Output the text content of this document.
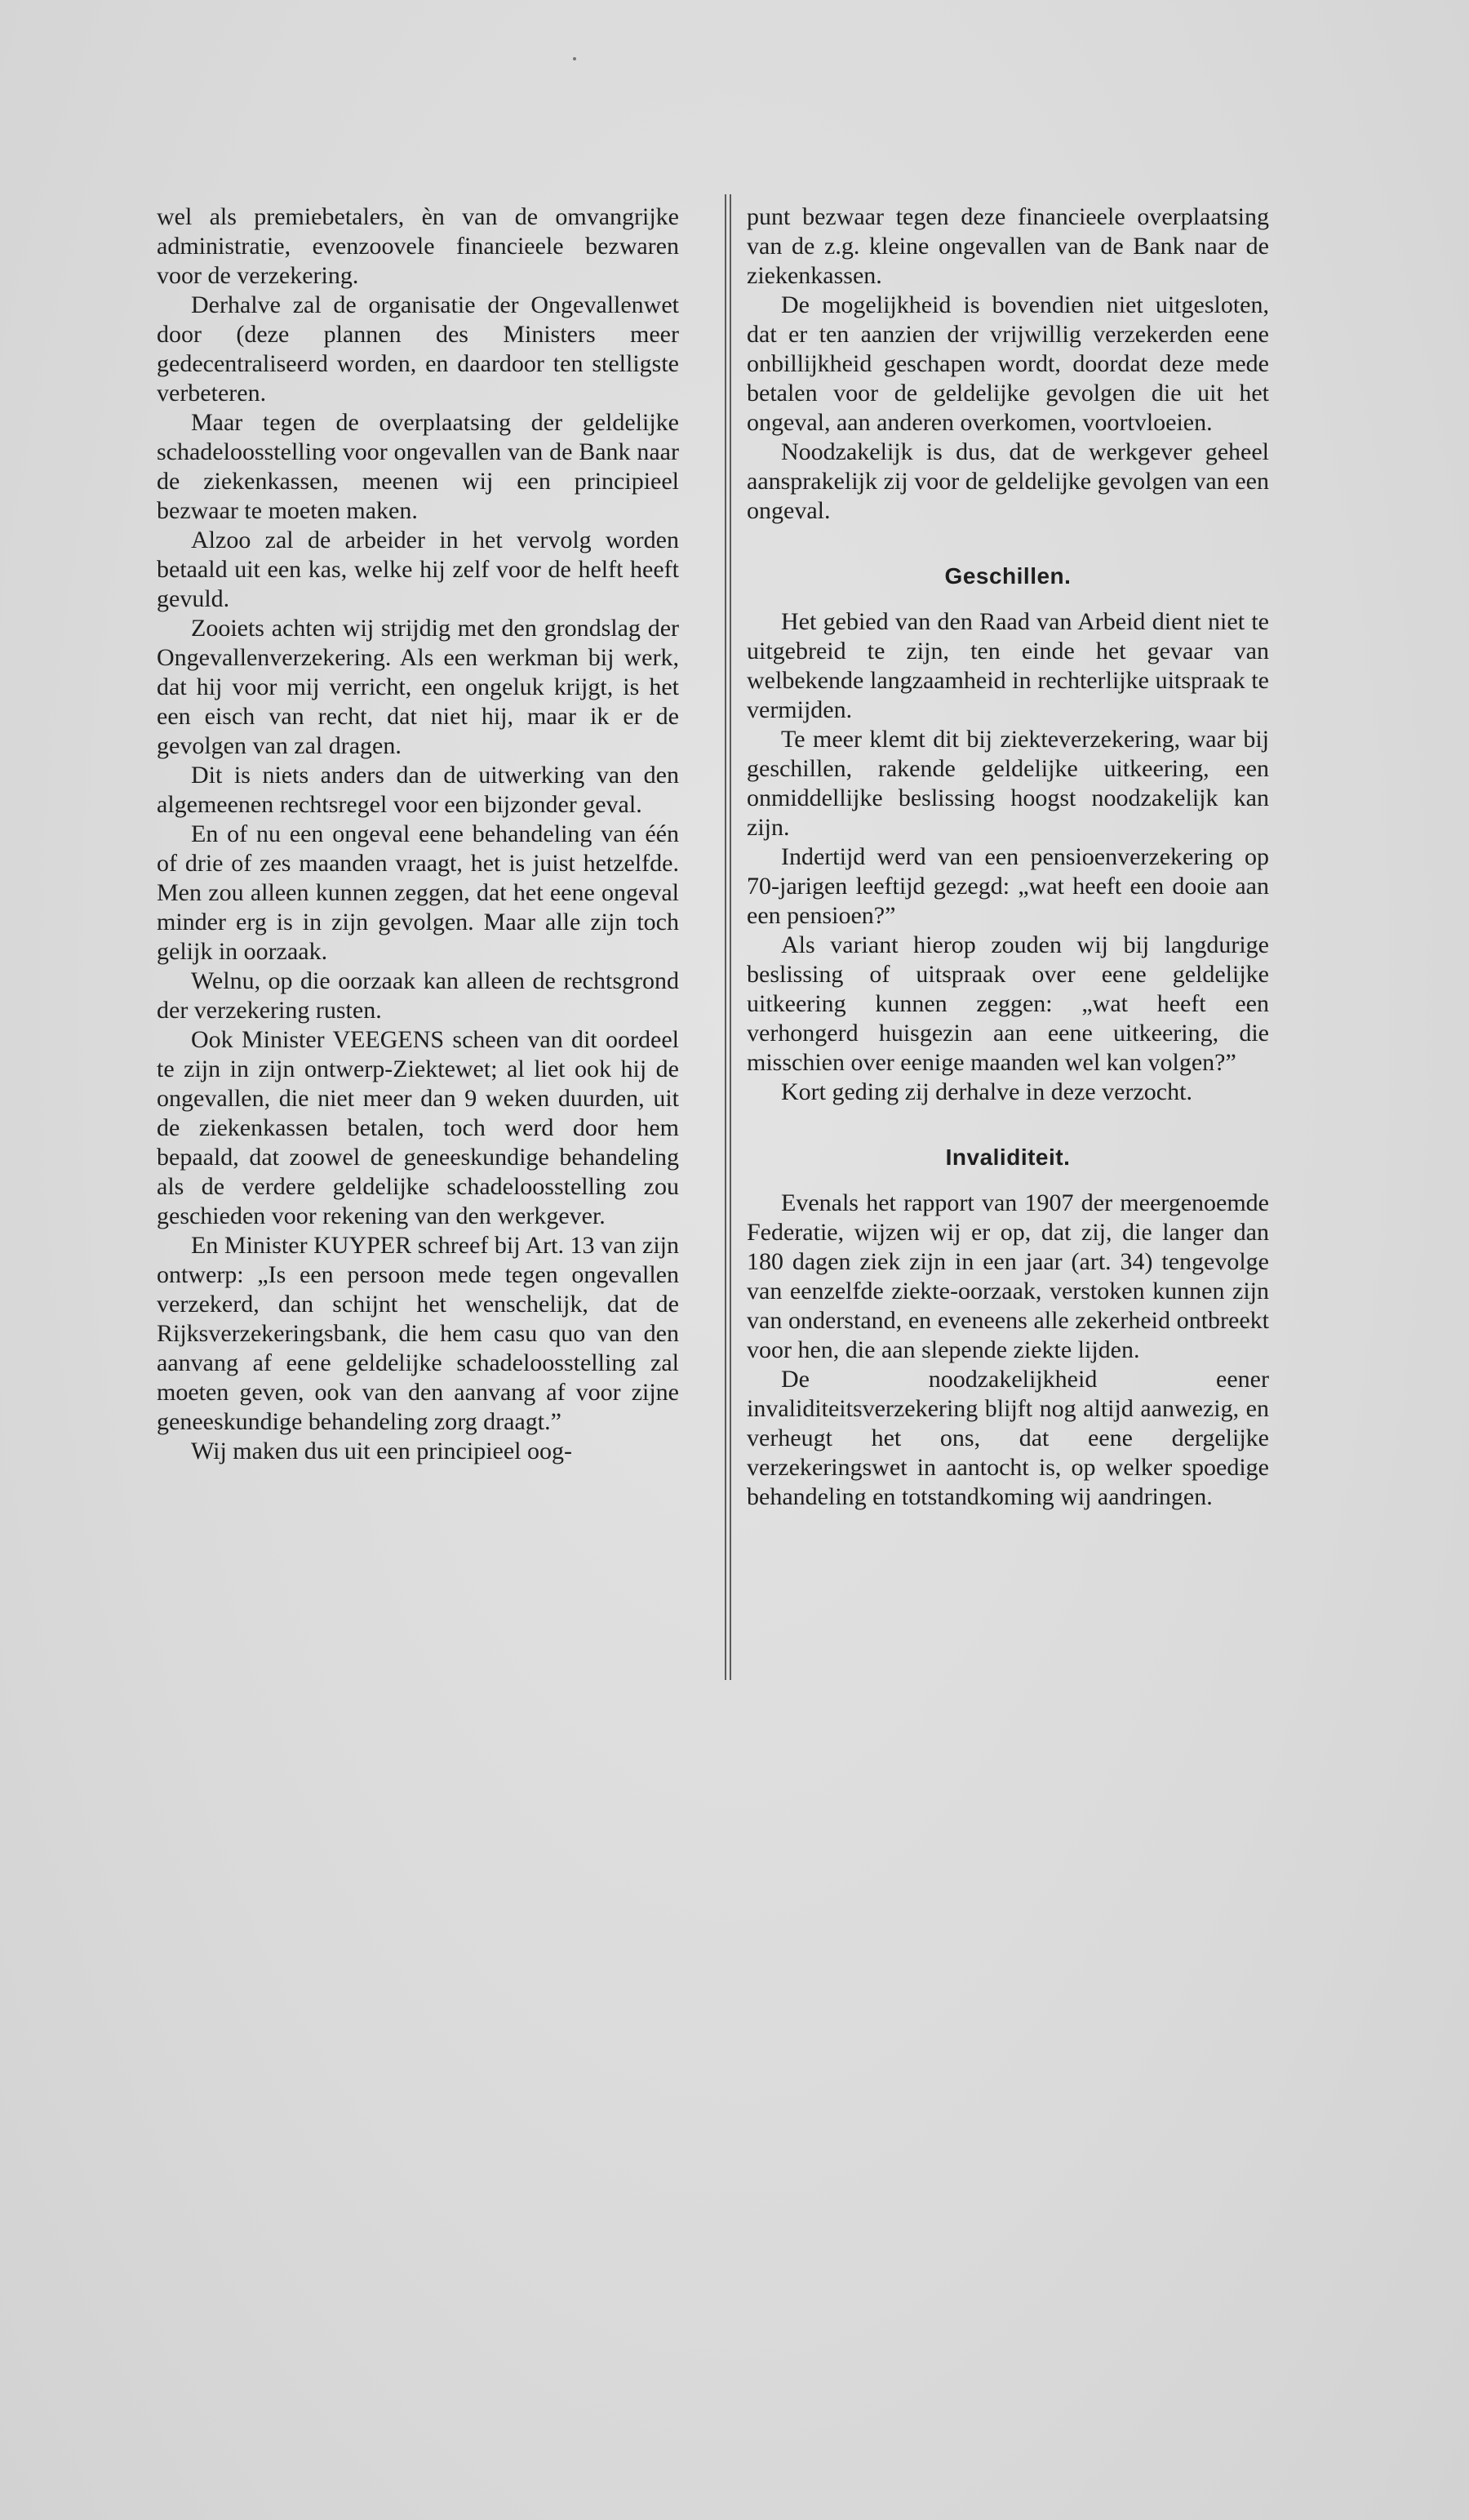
wel als premiebetalers, èn van de omvangrijke administratie, evenzoovele financieele bezwaren voor de verzekering.

Derhalve zal de organisatie der Ongevallenwet door (deze plannen des Ministers meer gedecentraliseerd worden, en daardoor ten stelligste verbeteren.

Maar tegen de overplaatsing der geldelijke schadeloosstelling voor ongevallen van de Bank naar de ziekenkassen, meenen wij een principieel bezwaar te moeten maken.

Alzoo zal de arbeider in het vervolg worden betaald uit een kas, welke hij zelf voor de helft heeft gevuld.

Zooiets achten wij strijdig met den grondslag der Ongevallenverzekering. Als een werkman bij werk, dat hij voor mij verricht, een ongeluk krijgt, is het een eisch van recht, dat niet hij, maar ik er de gevolgen van zal dragen.

Dit is niets anders dan de uitwerking van den algemeenen rechtsregel voor een bijzonder geval.

En of nu een ongeval eene behandeling van één of drie of zes maanden vraagt, het is juist hetzelfde. Men zou alleen kunnen zeggen, dat het eene ongeval minder erg is in zijn gevolgen. Maar alle zijn toch gelijk in oorzaak.

Welnu, op die oorzaak kan alleen de rechtsgrond der verzekering rusten.

Ook Minister VEEGENS scheen van dit oordeel te zijn in zijn ontwerp-Ziektewet; al liet ook hij de ongevallen, die niet meer dan 9 weken duurden, uit de ziekenkassen betalen, toch werd door hem bepaald, dat zoowel de geneeskundige behandeling als de verdere geldelijke schadeloosstelling zou geschieden voor rekening van den werkgever.

En Minister KUYPER schreef bij Art. 13 van zijn ontwerp: „Is een persoon mede tegen ongevallen verzekerd, dan schijnt het wenschelijk, dat de Rijksverzekeringsbank, die hem casu quo van den aanvang af eene geldelijke schadeloosstelling zal moeten geven, ook van den aanvang af voor zijne geneeskundige behandeling zorg draagt.”

Wij maken dus uit een principieel oog-

punt bezwaar tegen deze financieele overplaatsing van de z.g. kleine ongevallen van de Bank naar de ziekenkassen.

De mogelijkheid is bovendien niet uitgesloten, dat er ten aanzien der vrijwillig verzekerden eene onbillijkheid geschapen wordt, doordat deze mede betalen voor de geldelijke gevolgen die uit het ongeval, aan anderen overkomen, voortvloeien.

Noodzakelijk is dus, dat de werkgever geheel aansprakelijk zij voor de geldelijke gevolgen van een ongeval.

Geschillen.

Het gebied van den Raad van Arbeid dient niet te uitgebreid te zijn, ten einde het gevaar van welbekende langzaamheid in rechterlijke uitspraak te vermijden.

Te meer klemt dit bij ziekteverzekering, waar bij geschillen, rakende geldelijke uitkeering, een onmiddellijke beslissing hoogst noodzakelijk kan zijn.

Indertijd werd van een pensioenverzekering op 70-jarigen leeftijd gezegd: „wat heeft een dooie aan een pensioen?”

Als variant hierop zouden wij bij langdurige beslissing of uitspraak over eene geldelijke uitkeering kunnen zeggen: „wat heeft een verhongerd huisgezin aan eene uitkeering, die misschien over eenige maanden wel kan volgen?”

Kort geding zij derhalve in deze verzocht.

Invaliditeit.

Evenals het rapport van 1907 der meergenoemde Federatie, wijzen wij er op, dat zij, die langer dan 180 dagen ziek zijn in een jaar (art. 34) tengevolge van eenzelfde ziekte-oorzaak, verstoken kunnen zijn van onderstand, en eveneens alle zekerheid ontbreekt voor hen, die aan slepende ziekte lijden.

De noodzakelijkheid eener invaliditeitsverzekering blijft nog altijd aanwezig, en verheugt het ons, dat eene dergelijke verzekeringswet in aantocht is, op welker spoedige behandeling en totstandkoming wij aandringen.
